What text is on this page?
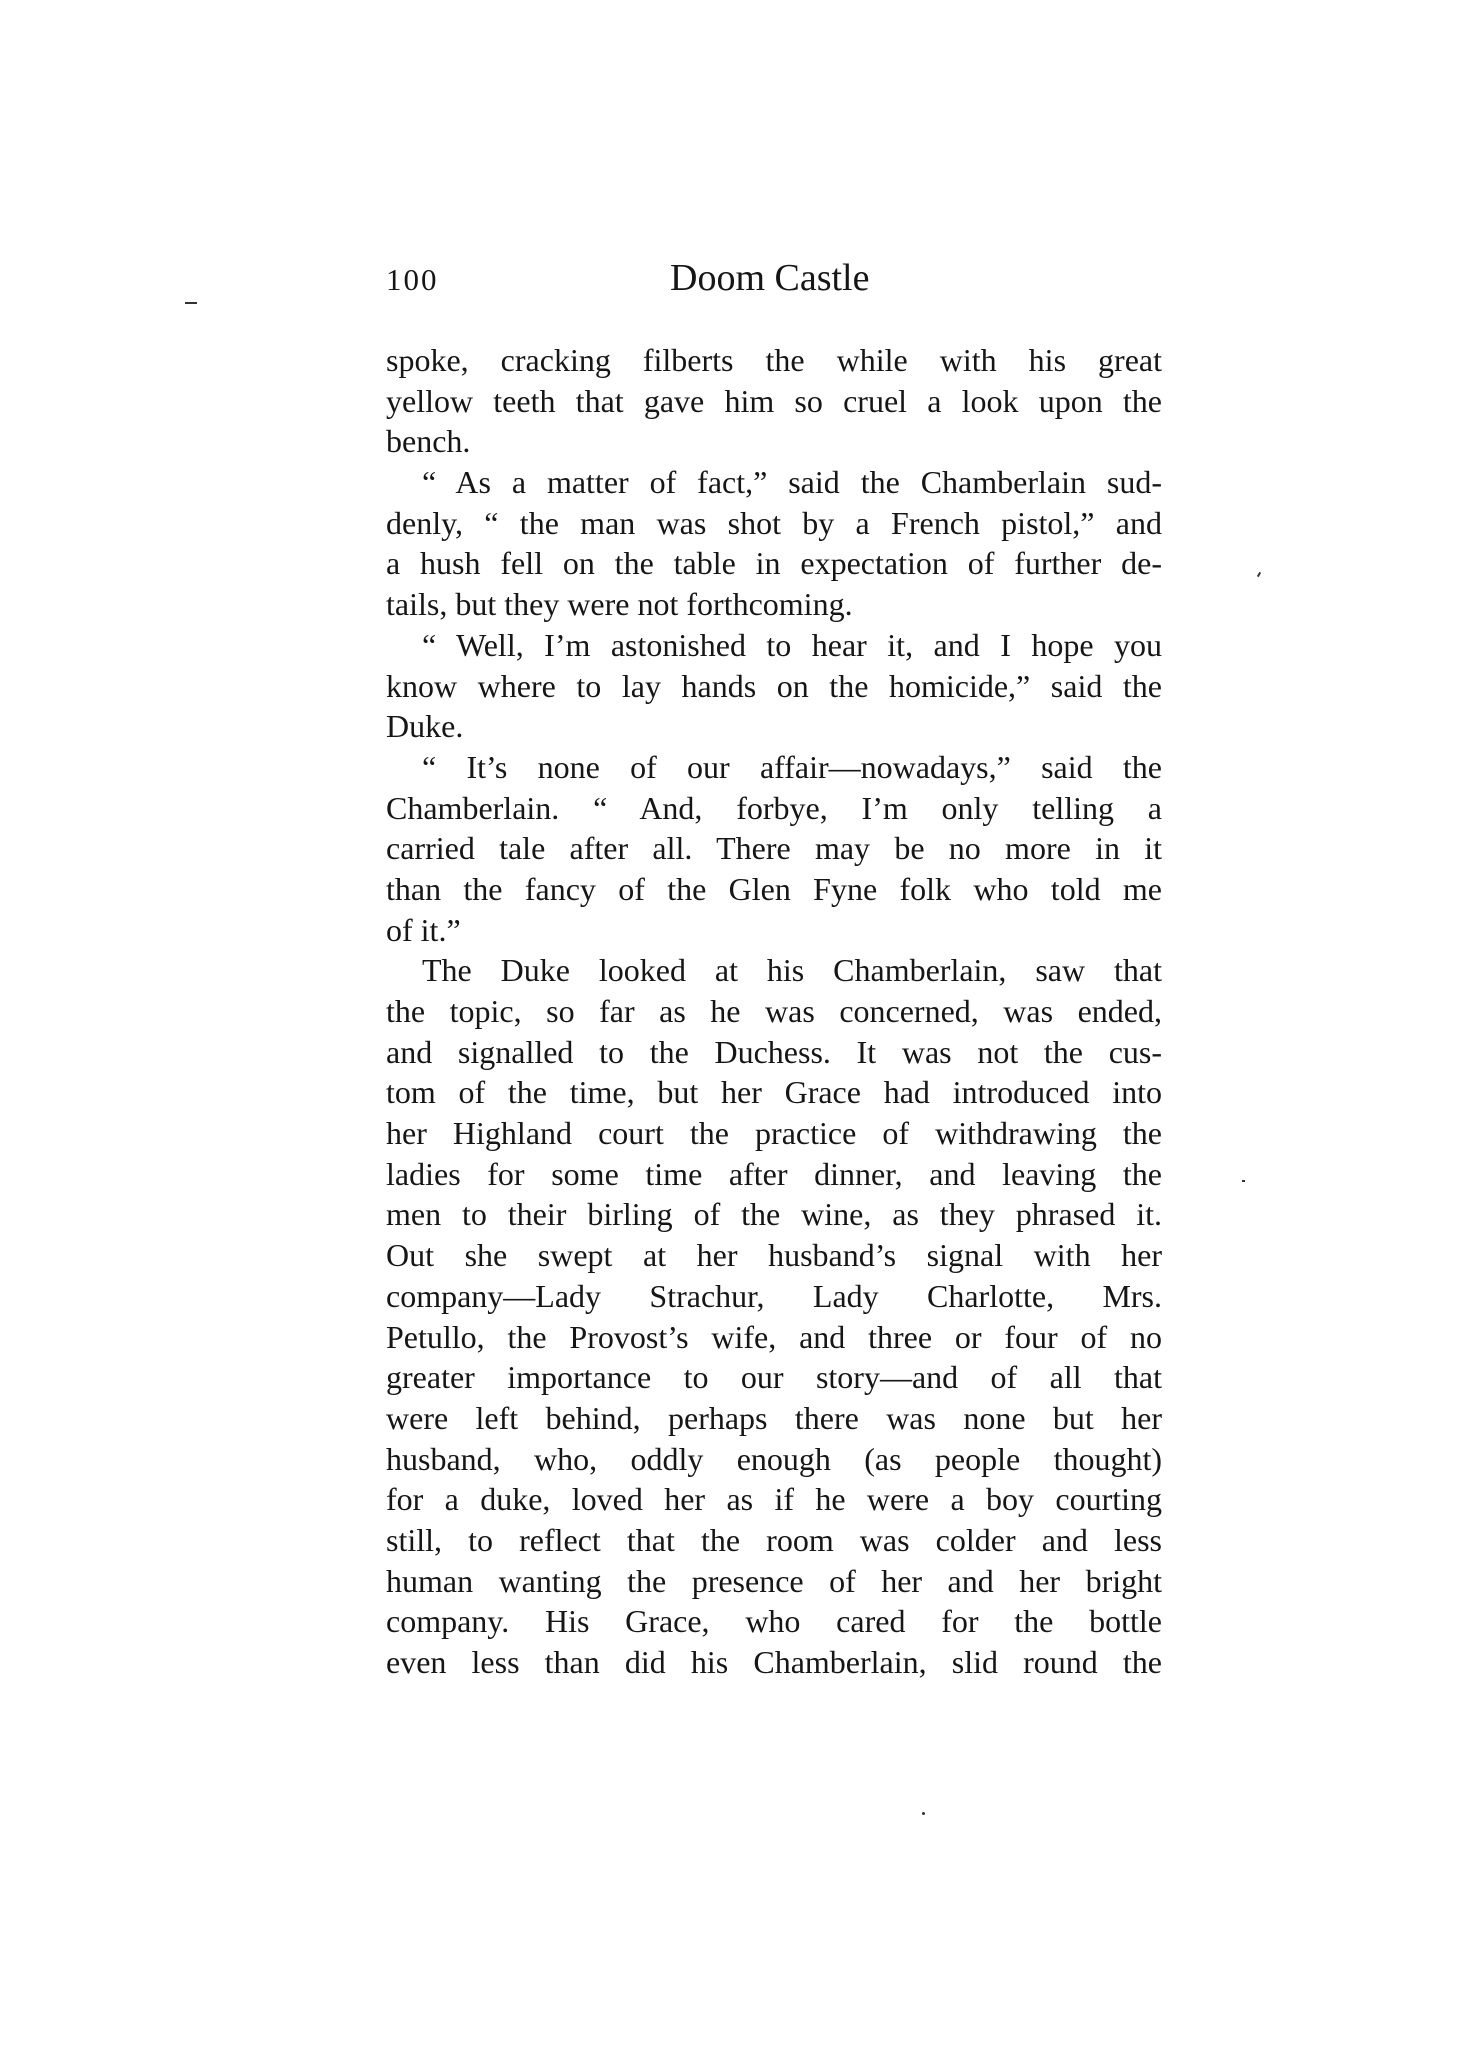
100	Doom Castle
spoke, cracking filberts the while with his great
yellow teeth that gave him so cruel a look upon the
bench.
“ As a matter of fact,” said the Chamberlain sud-
denly, “ the man was shot by a French pistol,” and
a hush fell on the table in expectation of further de-
tails, but they were not forthcoming.
“ Well, I’m astonished to hear it, and I hope you
know where to lay hands on the homicide,” said the
Duke.
“ It’s none of our affair—nowadays,” said the
Chamberlain. “ And, forbye, I’m only telling a
carried tale after all. There may be no more in it
than the fancy of the Glen Fyne folk who told me
of it.”
The Duke looked at his Chamberlain, saw that
the topic, so far as he was concerned, was ended,
and signalled to the Duchess. It was not the cus-
tom of the time, but her Grace had introduced into
her Highland court the practice of withdrawing the
ladies for some time after dinner, and leaving the
men to their birling of the wine, as they phrased it.
Out she swept at her husband’s signal with her
company—Lady Strachur, Lady Charlotte, Mrs.
Petullo, the Provost’s wife, and three or four of no
greater importance to our story—and of all that
were left behind, perhaps there was none but her
husband, who, oddly enough (as people thought)
for a duke, loved her as if he were a boy courting
still, to reflect that the room was colder and less
human wanting the presence of her and her bright
company. His Grace, who cared for the bottle
even less than did his Chamberlain, slid round the
